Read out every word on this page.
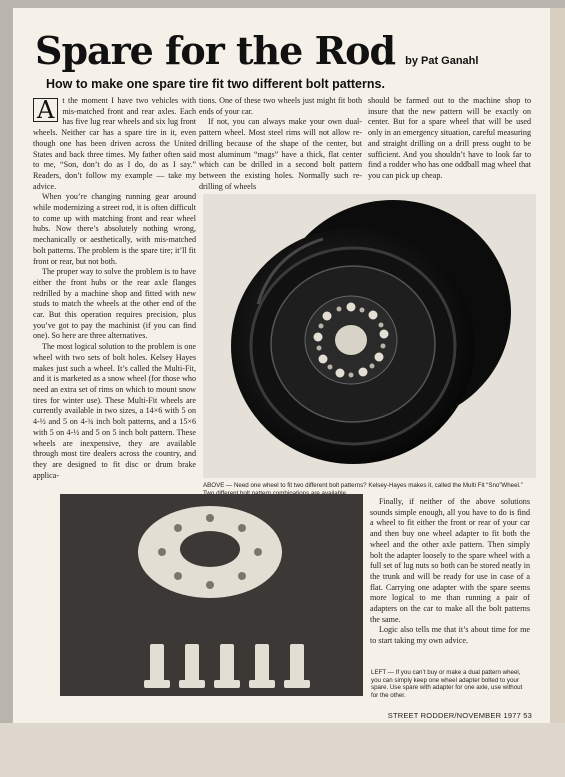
Spare for the Rod by Pat Ganahl
How to make one spare tire fit two different bolt patterns.

A t the moment I have two vehicles with mis-matched front and rear axles. Each has five lug rear wheels and six lug front wheels. Neither car has a spare tire in it, even though one has been driven across the United States and back three times. My father often said to me, “Son, don’t do as I do, do as I say.” Readers, don’t follow my example — take my advice.

When you’re changing running gear around while modernizing a street rod, it is often difficult to come up with matching front and rear wheel hubs. Now there’s absolutely nothing wrong, mechanically or aesthetically, with mis-matched bolt patterns. The problem is the spare tire; it’ll fit front or rear, but not both.

The proper way to solve the problem is to have either the front hubs or the rear axle flanges redrilled by a machine shop and fitted with new studs to match the wheels at the other end of the car. But this operation requires precision, plus you’ve got to pay the machinist (if you can find one). So here are three alternatives.

The most logical solution to the problem is one wheel with two sets of bolt holes. Kelsey Hayes makes just such a wheel. It’s called the Multi-Fit, and it is marketed as a snow wheel (for those who need an extra set of rims on which to mount snow tires for winter use). These Multi-Fit wheels are currently available in two sizes, a 14×6 with 5 on 4-½ and 5 on 4-¾ inch bolt patterns, and a 15×6 with 5 on 4-½ and 5 on 5 inch bolt pattern. These wheels are inexpensive, they are available through most tire dealers across the country, and they are designed to fit disc or drum brake applica-

tions. One of these two wheels just might fit both ends of your car.

If not, you can always make your own dual-pattern wheel. Most steel rims will not allow re-drilling because of the shape of the center, but most aluminum “mags” have a thick, flat center which can be drilled in a second bolt pattern between the existing holes. Normally such re-drilling of wheels

should be farmed out to the machine shop to insure that the new pattern will be exactly on center. But for a spare wheel that will be used only in an emergency situation, careful measuring and straight drilling on a drill press ought to be sufficient. And you shouldn’t have to look far to find a rodder who has one oddball mag wheel that you can pick up cheap.

ABOVE — Need one wheel to fit two different bolt patterns? Kelsey-Hayes makes it, called the Multi Fit “Sno”Wheel.”

Finally, if neither of the above solutions sounds simple enough, all you have to do is find a wheel to fit either the front or rear of your car and then buy one wheel adapter to fit both the wheel and the other axle pattern. Then simply bolt the adapter loosely to the spare wheel with a full set of lug nuts so both can be stored neatly in the trunk and will be ready for use in case of a flat. Carrying one adapter with the spare seems more logical to me than running a pair of adapters on the car to make all the bolt patterns the same.

Logic also tells me that it’s about time for me to start taking my own advice.

LEFT — If you can’t buy or make a dual pattern wheel, you can simply keep one wheel adapter bolted to your spare. Use spare with adapter for one axle, use without for the other.
STREET RODDER/NOVEMBER 1977 53
